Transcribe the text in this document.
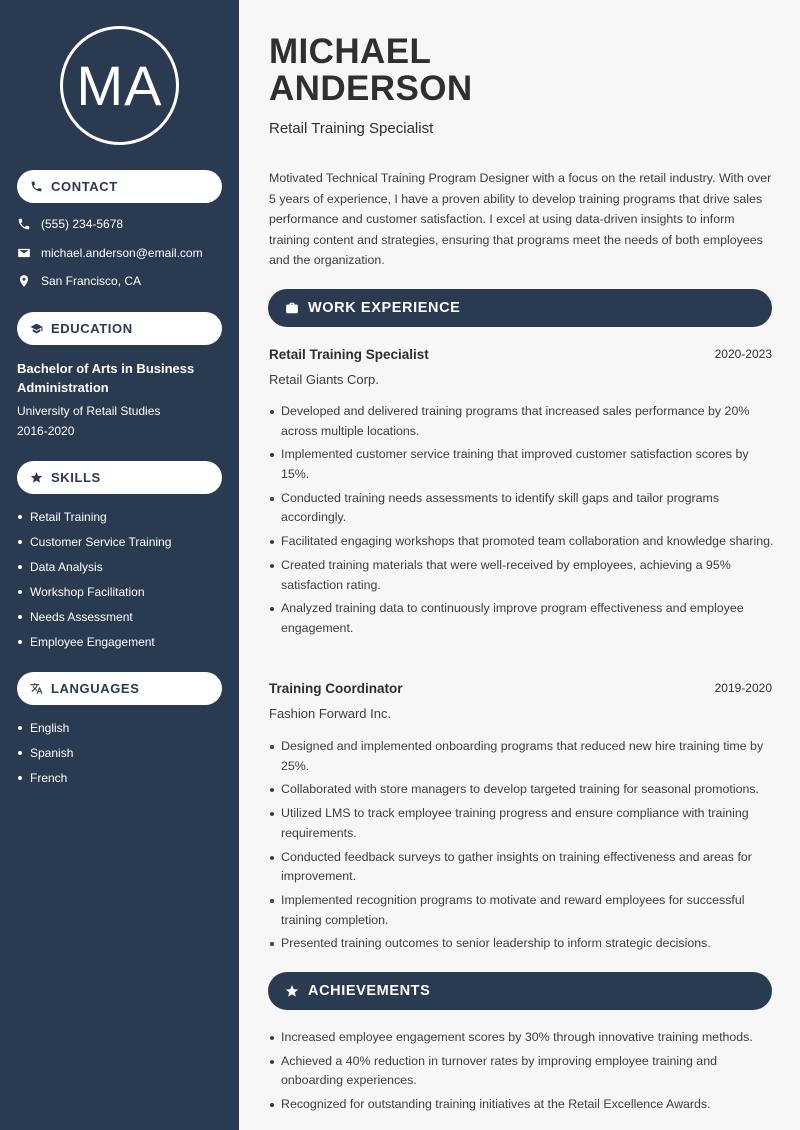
MA
CONTACT
(555) 234-5678
michael.anderson@email.com
San Francisco, CA
EDUCATION
Bachelor of Arts in Business Administration
University of Retail Studies
2016-2020
SKILLS
Retail Training
Customer Service Training
Data Analysis
Workshop Facilitation
Needs Assessment
Employee Engagement
LANGUAGES
English
Spanish
French
MICHAEL
ANDERSON
Retail Training Specialist

Motivated Technical Training Program Designer with a focus on the retail industry. With over 5 years of experience, I have a proven ability to develop training programs that drive sales performance and customer satisfaction. I excel at using data-driven insights to inform training content and strategies, ensuring that programs meet the needs of both employees and the organization.

WORK EXPERIENCE
Retail Training Specialist	2020-2023
Retail Giants Corp.
Developed and delivered training programs that increased sales performance by 20% across multiple locations.
Implemented customer service training that improved customer satisfaction scores by 15%.
Conducted training needs assessments to identify skill gaps and tailor programs accordingly.
Facilitated engaging workshops that promoted team collaboration and knowledge sharing.
Created training materials that were well-received by employees, achieving a 95% satisfaction rating.
Analyzed training data to continuously improve program effectiveness and employee engagement.
Training Coordinator	2019-2020
Fashion Forward Inc.
Designed and implemented onboarding programs that reduced new hire training time by 25%.
Collaborated with store managers to develop targeted training for seasonal promotions.
Utilized LMS to track employee training progress and ensure compliance with training requirements.
Conducted feedback surveys to gather insights on training effectiveness and areas for improvement.
Implemented recognition programs to motivate and reward employees for successful training completion.
Presented training outcomes to senior leadership to inform strategic decisions.
ACHIEVEMENTS
Increased employee engagement scores by 30% through innovative training methods.
Achieved a 40% reduction in turnover rates by improving employee training and onboarding experiences.
Recognized for outstanding training initiatives at the Retail Excellence Awards.
